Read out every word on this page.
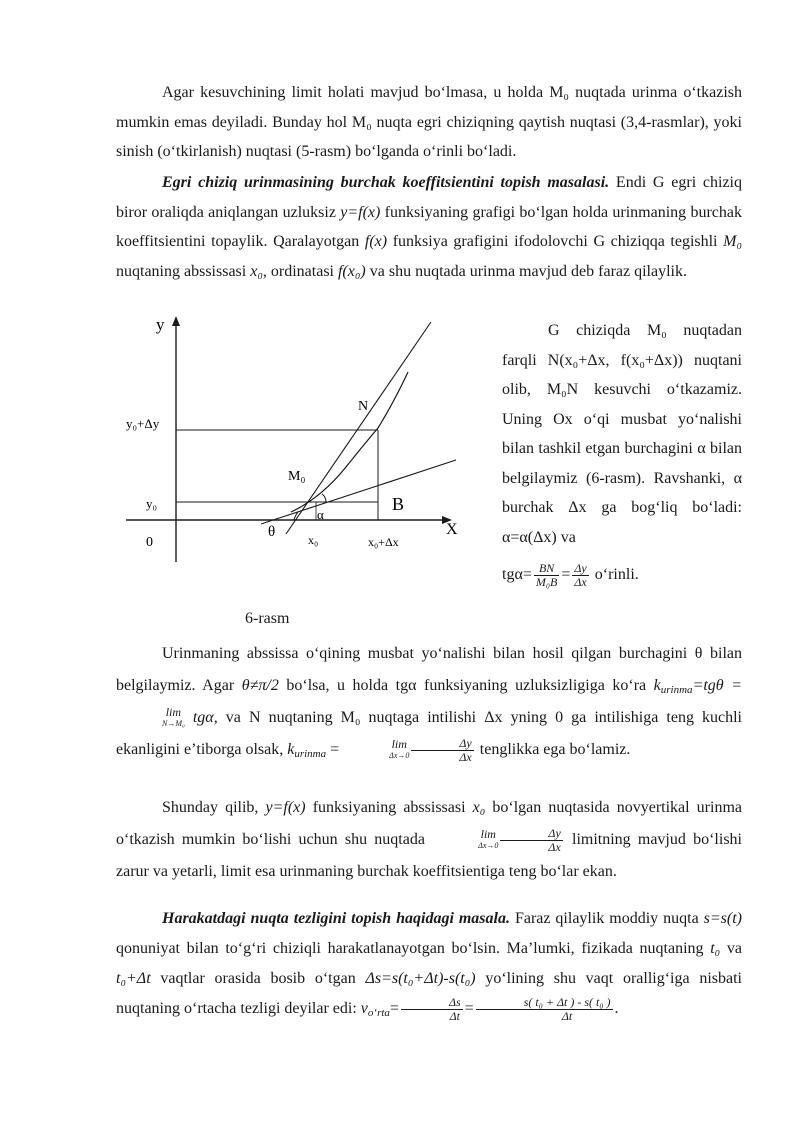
Agar kesuvchining limit holati mavjud boʻlmasa, u holda M₀ nuqtada urinma oʻtkazish mumkin emas deyiladi. Bunday hol M₀ nuqta egri chiziqning qaytish nuqtasi (3,4-rasmlar), yoki sinish (oʻtkirlanish) nuqtasi (5-rasm) boʻlganda oʻrinli boʻladi.

Egri chiziq urinmasining burchak koeffitsientini topish masalasi. Endi G egri chiziq biror oraliqda aniqlangan uzluksiz y=f(x) funksiyaning grafigi boʻlgan holda urinmaning burchak koeffitsientini topaylik. Qaralayotgan f(x) funksiya grafigini ifodolovchi G chiziqqa tegishli M₀ nuqtaning abssissasi x₀, ordinatasi f(x₀) va shu nuqtada urinma mavjud deb faraz qilaylik.

y
X
0
y₀
y₀+Δy
x₀	x₀+Δx
N
M₀
B
θ
α

G chiziqda M₀ nuqtadan farqli N(x₀+Δx, f(x₀+Δx)) nuqtani olib, M₀N kesuvchi oʻtkazamiz. Uning Ox oʻqi musbat yoʻnalishi bilan tashkil etgan burchagini α bilan belgilaymiz (6-rasm). Ravshanki, α burchak Δx ga bogʻliq boʻladi: α=α(Δx) va

$tg\alpha= \frac{BN}{\text{M₀B}} = \frac{\Delta y}{\Delta x}$ oʻrinli.
6-rasm

Urinmaning abssissa oʻqining musbat yoʻnalishi bilan hosil qilgan burchagini θ bilan belgilaymiz. Agar θ≠π/2 boʻlsa, u holda tgα funksiyaning uzluksizligiga koʻra $k_{urinma}=tg\theta$ =
lim
N→M₀ tgα, va N nuqtaning M₀ nuqtaga intilishi Δx yning 0 ga intilishiga teng kuchli ekanligini eʼtiborga olsak, $k_{urinma}$ =	lim
$\Delta x\to 0 \frac{\Delta y}{\Delta x}$ tenglikka ega boʻlamiz.

Shunday qilib, y=f(x) funksiyaning abssissasi x₀ boʻlgan nuqtasida novyertikal urinma oʻtkazish mumkin boʻlishi uchun shu nuqtada	lim
$\Delta x\to 0 \frac{\Delta y}{\Delta x}$ limitning mavjud boʻlishi zarur va yetarli, limit esa urinmaning burchak koeffitsientiga teng boʻlar ekan.

Harakatdagi nuqta tezligini topish haqidagi masala. Faraz qilaylik moddiy nuqta s=s(t) qonuniyat bilan toʻgʻri chiziqli harakatlanayotgan boʻlsin. Maʼlumki, fizikada nuqtaning t₀ va t₀+Δt vaqtlar orasida bosib oʻtgan Δs=s(t₀+Δt)-s(t₀) yoʻlining shu vaqt oralligʻiga nisbati nuqtaning oʻrtacha tezligi deyilar edi: $v_{oʻrta}= \frac{\Delta s}{\Delta t} = \frac{\text{s( t₀ + Δt ) - s( t₀ )}}{\Delta t}$ .
